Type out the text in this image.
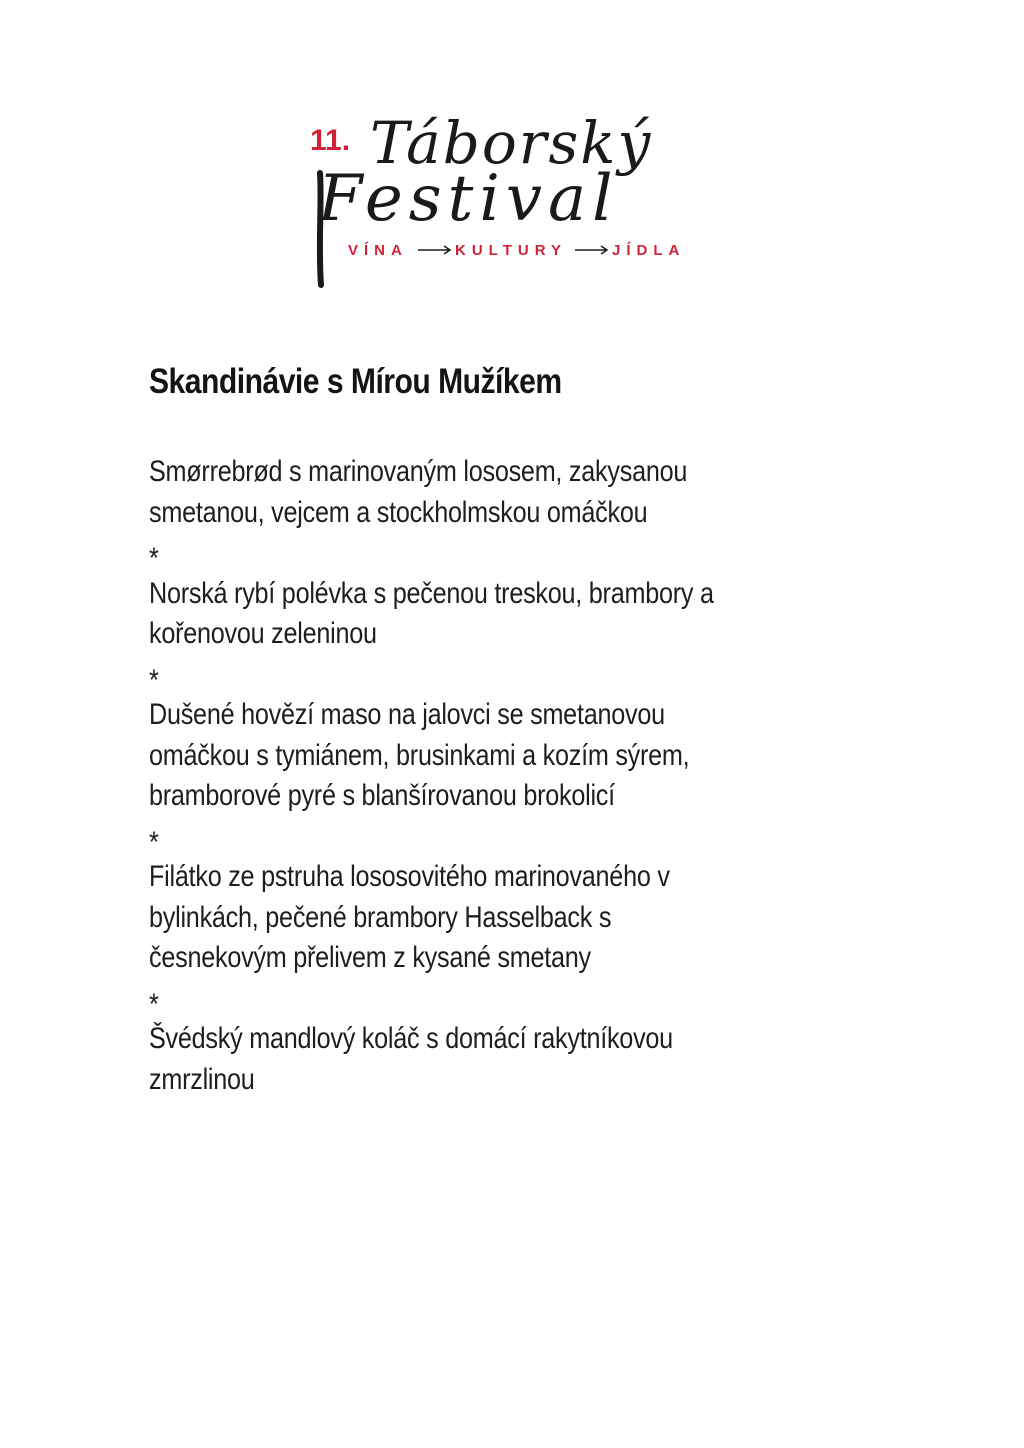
11. Táborský
Festival
VÍNA	KULTURY	JÍDLA
Skandinávie s Mírou Mužíkem
Smørrebrød s marinovaným lososem, zakysanou
smetanou, vejcem a stockholmskou omáčkou
*
Norská rybí polévka s pečenou treskou, brambory a
kořenovou zeleninou
*
Dušené hovězí maso na jalovci se smetanovou
omáčkou s tymiánem, brusinkami a kozím sýrem,
bramborové pyré s blanšírovanou brokolicí
*
Filátko ze pstruha lososovitého marinovaného v
bylinkách, pečené brambory Hasselback s
česnekovým přelivem z kysané smetany
*
Švédský mandlový koláč s domácí rakytníkovou
zmrzlinou
